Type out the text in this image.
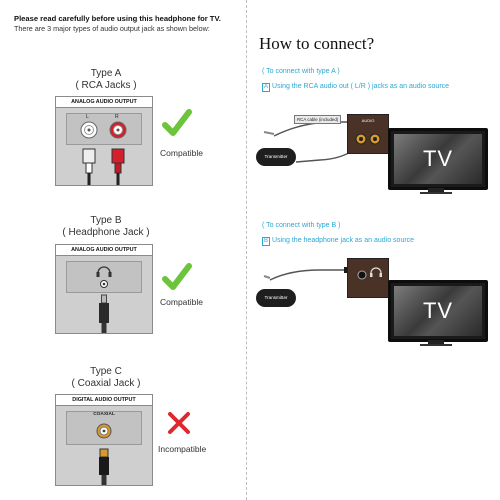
Please read carefully before using this headphone for TV.
There are 3 major types of audio output jack as shown below:
Type A
( RCA Jacks )
ANALOG AUDIO OUTPUT
L	R
Compatible
Type B
( Headphone Jack )
ANALOG AUDIO OUTPUT
Compatible
Type C
( Coaxial Jack )
DIGITAL AUDIO OUTPUT
COAXIAL
Incompatible
How to connect?
( To connect with type A )
A Using the RCA audio out ( L/R ) jacks as an audio source
RCA cable (included)	AUDIO
Transmitter	TV
( To connect with type B )
B Using the headphone jack as an audio source
Transmitter
TV
